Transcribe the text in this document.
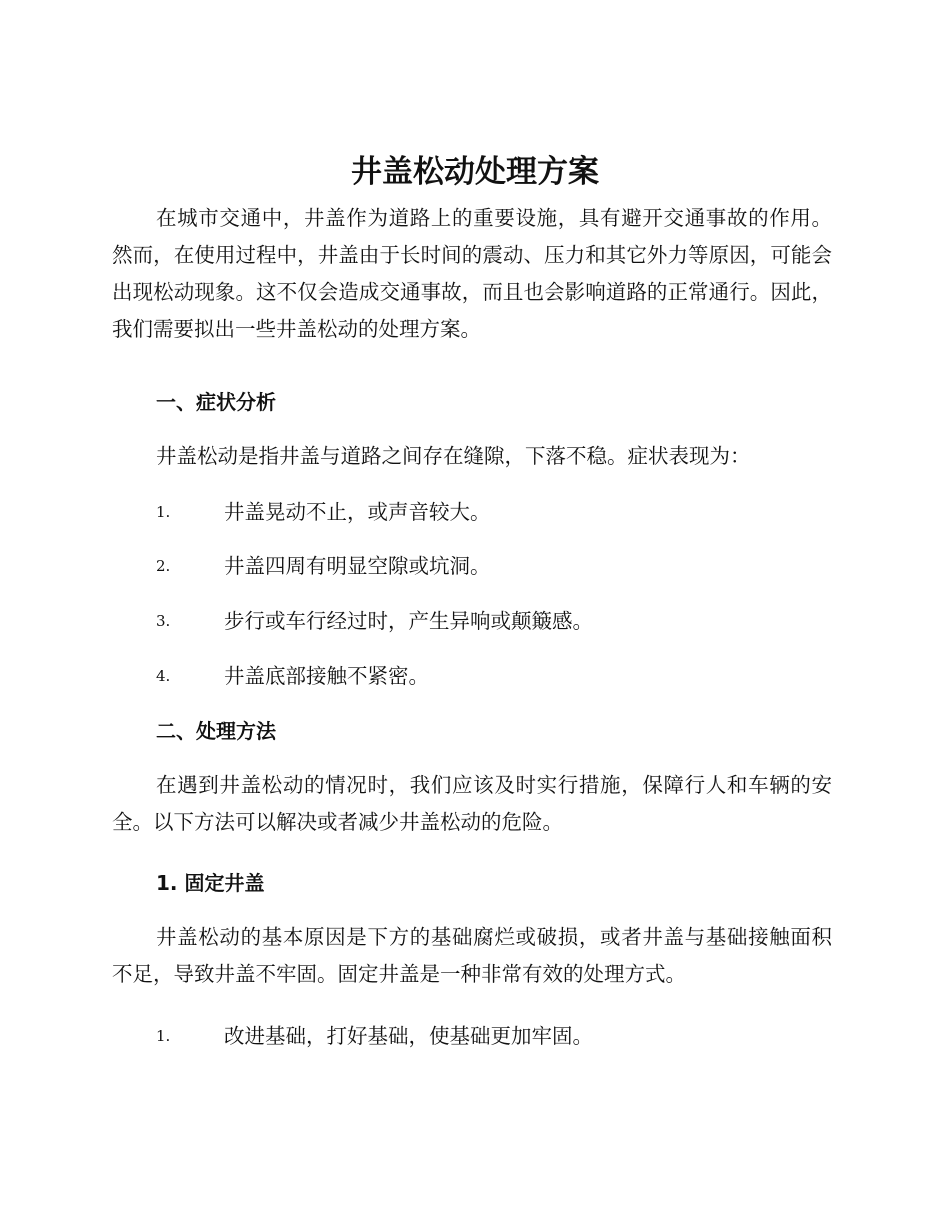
井盖松动处理方案

在城市交通中，井盖作为道路上的重要设施，具有避开交通事故的作用。然而，在使用过程中，井盖由于长时间的震动、压力和其它外力等原因，可能会出现松动现象。这不仅会造成交通事故，而且也会影响道路的正常通行。因此，我们需要拟出一些井盖松动的处理方案。

一、症状分析

井盖松动是指井盖与道路之间存在缝隙，下落不稳。症状表现为：

1.	井盖晃动不止，或声音较大。
2.	井盖四周有明显空隙或坑洞。
3.	步行或车行经过时，产生异响或颠簸感。
4.	井盖底部接触不紧密。
二、处理方法

在遇到井盖松动的情况时，我们应该及时实行措施，保障行人和车辆的安全。以下方法可以解决或者减少井盖松动的危险。

1. 固定井盖

井盖松动的基本原因是下方的基础腐烂或破损，或者井盖与基础接触面积不足，导致井盖不牢固。固定井盖是一种非常有效的处理方式。

1.	改进基础，打好基础，使基础更加牢固。
